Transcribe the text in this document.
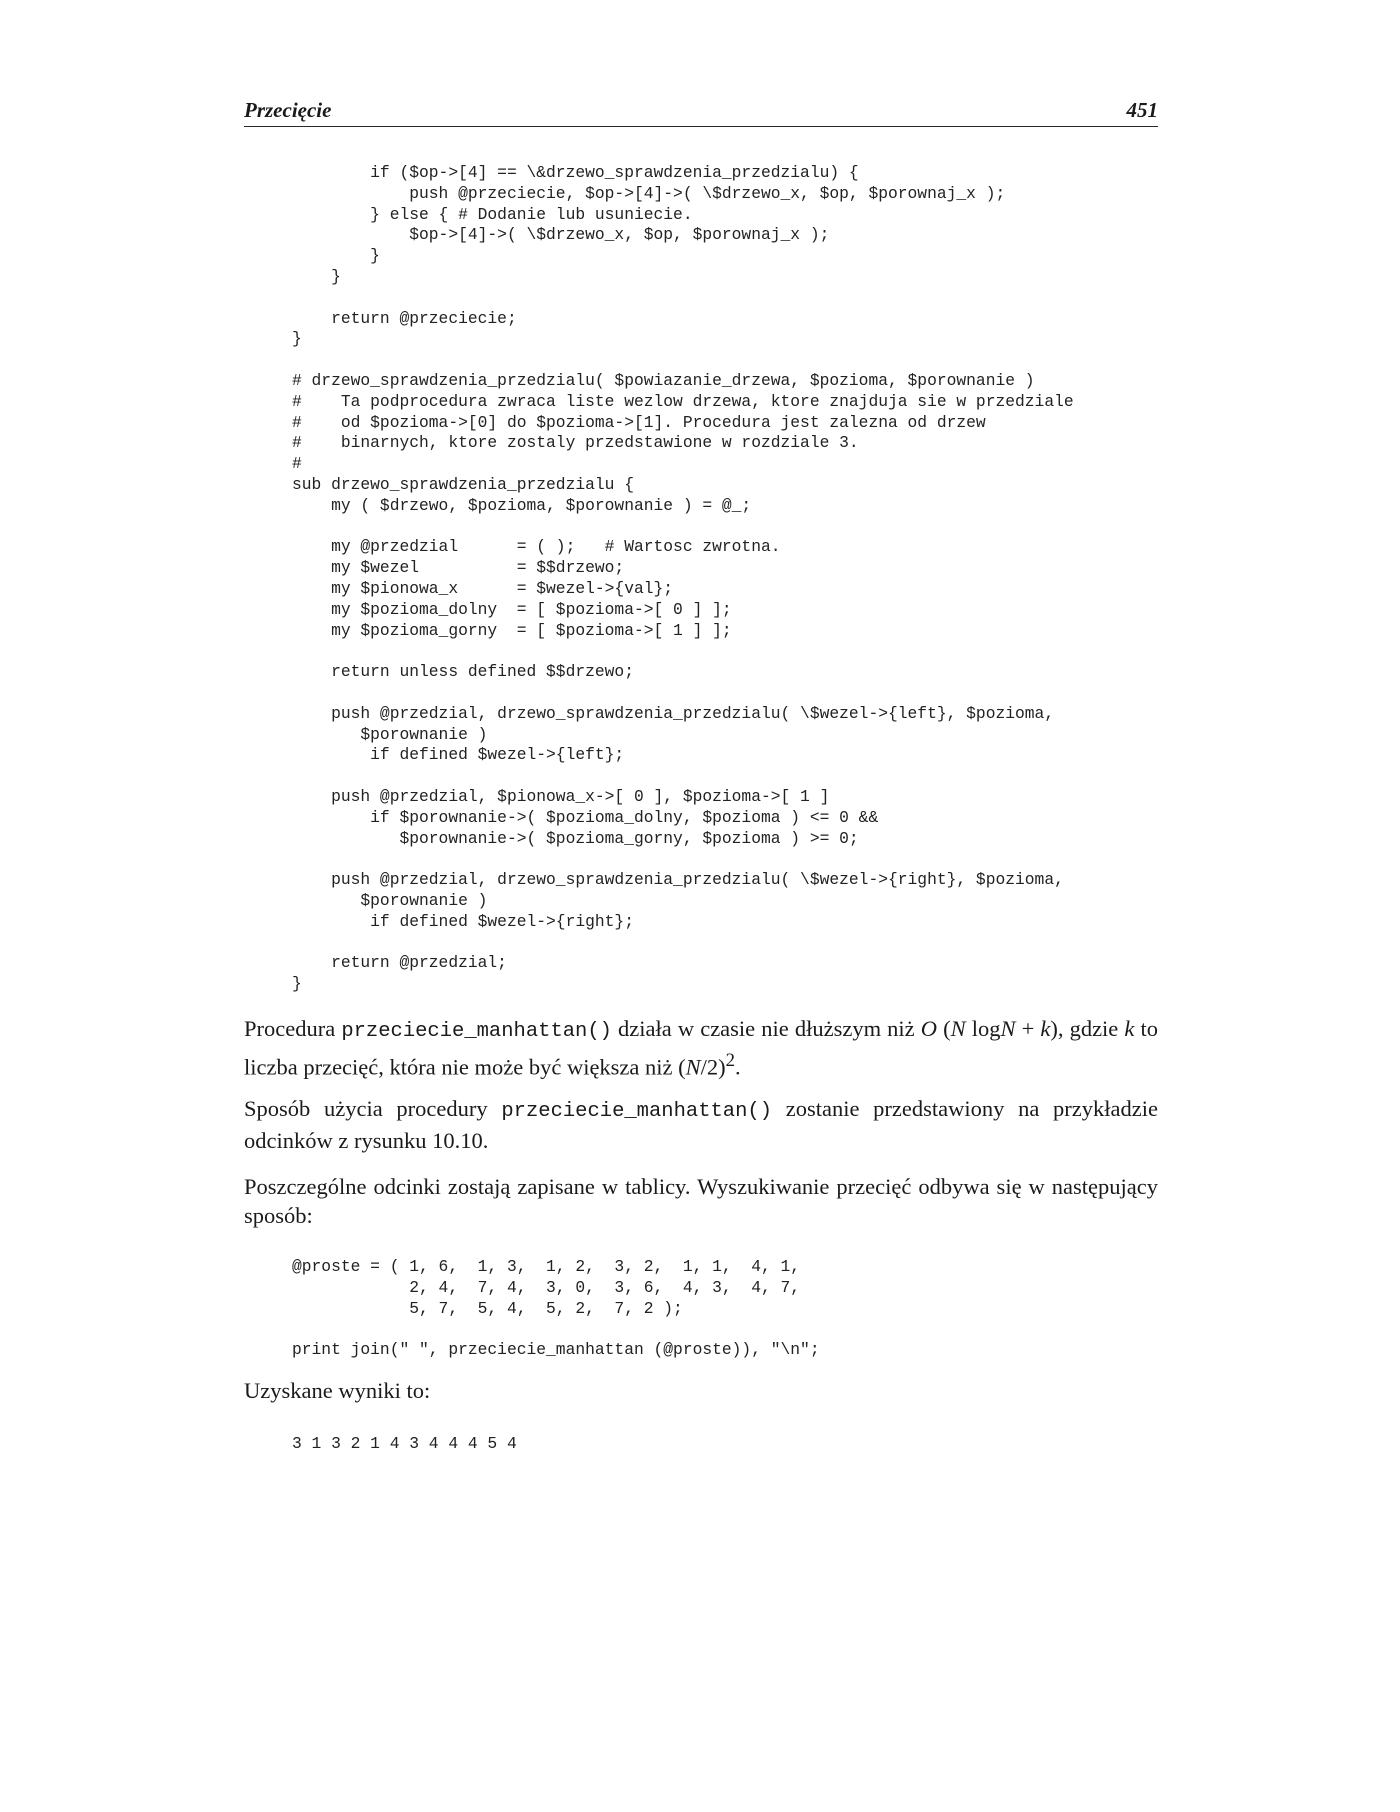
Przecięcie	451
if ($op->[4] == \&drzewo_sprawdzenia_przedzialu) {
push @przeciecie, $op->[4]->( \$drzewo_x, $op, $porownaj_x );
} else { # Dodanie lub usuniecie.
$op->[4]->( \$drzewo_x, $op, $porownaj_x );
}
}

return @przeciecie;
}

# drzewo_sprawdzenia_przedzialu( $powiazanie_drzewa, $pozioma, $porownanie )
#    Ta podprocedura zwraca liste wezlow drzewa, ktore znajduja sie w przedziale
#    od $pozioma->[0] do $pozioma->[1]. Procedura jest zalezna od drzew
#    binarnych, ktore zostaly przedstawione w rozdziale 3.
#
sub drzewo_sprawdzenia_przedzialu {
my ( $drzewo, $pozioma, $porownanie ) = @_;

my @przedzial      = ( );   # Wartosc zwrotna.
my $wezel          = $$drzewo;
my $pionowa_x      = $wezel->{val};
my $pozioma_dolny  = [ $pozioma->[ 0 ] ];
my $pozioma_gorny  = [ $pozioma->[ 1 ] ];

return unless defined $$drzewo;

push @przedzial, drzewo_sprawdzenia_przedzialu( \$wezel->{left}, $pozioma,
$porownanie )
if defined $wezel->{left};

push @przedzial, $pionowa_x->[ 0 ], $pozioma->[ 1 ]
if $porownanie->( $pozioma_dolny, $pozioma ) <= 0 &&
$porownanie->( $pozioma_gorny, $pozioma ) >= 0;

push @przedzial, drzewo_sprawdzenia_przedzialu( \$wezel->{right}, $pozioma,
$porownanie )
if defined $wezel->{right};

return @przedzial;
}

Procedura przeciecie_manhattan() działa w czasie nie dłuższym niż O (N logN + k), gdzie k to liczba przecięć, która nie może być większa niż $(N/2)^2$.

Sposób użycia procedury przeciecie_manhattan() zostanie przedstawiony na przykładzie odcinków z rysunku 10.10.

Poszczególne odcinki zostają zapisane w tablicy. Wyszukiwanie przecięć odbywa się w następujący sposób:

@proste = ( 1, 6,  1, 3,  1, 2,  3, 2,  1, 1,  4, 1,
2, 4,  7, 4,  3, 0,  3, 6,  4, 3,  4, 7,
5, 7,  5, 4,  5, 2,  7, 2 );

print join(" ", przeciecie_manhattan (@proste)), "\n";

Uzyskane wyniki to:

3 1 3 2 1 4 3 4 4 4 5 4
